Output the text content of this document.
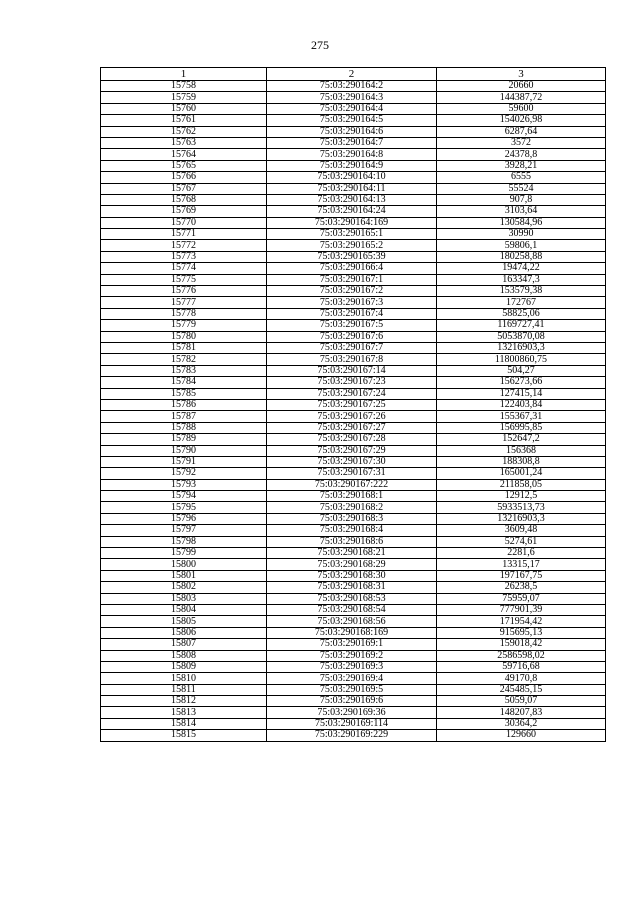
275
1	2	3
15758	75:03:290164:2	20660
15759	75:03:290164:3	144387,72
15760	75:03:290164:4	59600
15761	75:03:290164:5	154026,98
15762	75:03:290164:6	6287,64
15763	75:03:290164:7	3572
15764	75:03:290164:8	24378,8
15765	75:03:290164:9	3928,21
15766	75:03:290164:10	6555
15767	75:03:290164:11	55524
15768	75:03:290164:13	907,8
15769	75:03:290164:24	3103,64
15770	75:03:290164:169	130584,96
15771	75:03:290165:1	30990
15772	75:03:290165:2	59806,1
15773	75:03:290165:39	180258,88
15774	75:03:290166:4	19474,22
15775	75:03:290167:1	163347,3
15776	75:03:290167:2	153579,38
15777	75:03:290167:3	172767
15778	75:03:290167:4	58825,06
15779	75:03:290167:5	1169727,41
15780	75:03:290167:6	5053870,08
15781	75:03:290167:7	13216903,3
15782	75:03:290167:8	11800860,75
15783	75:03:290167:14	504,27
15784	75:03:290167:23	156273,66
15785	75:03:290167:24	127415,14
15786	75:03:290167:25	122403,84
15787	75:03:290167:26	155367,31
15788	75:03:290167:27	156995,85
15789	75:03:290167:28	152647,2
15790	75:03:290167:29	156368
15791	75:03:290167:30	188308,8
15792	75:03:290167:31	165001,24
15793	75:03:290167:222	211858,05
15794	75:03:290168:1	12912,5
15795	75:03:290168:2	5933513,73
15796	75:03:290168:3	13216903,3
15797	75:03:290168:4	3609,48
15798	75:03:290168:6	5274,61
15799	75:03:290168:21	2281,6
15800	75:03:290168:29	13315,17
15801	75:03:290168:30	197167,75
15802	75:03:290168:31	26238,5
15803	75:03:290168:53	75959,07
15804	75:03:290168:54	777901,39
15805	75:03:290168:56	171954,42
15806	75:03:290168:169	915695,13
15807	75:03:290169:1	159018,42
15808	75:03:290169:2	2586598,02
15809	75:03:290169:3	59716,68
15810	75:03:290169:4	49170,8
15811	75:03:290169:5	245485,15
15812	75:03:290169:6	5059,07
15813	75:03:290169:36	148207,83
15814	75:03:290169:114	30364,2
15815	75:03:290169:229	129660
